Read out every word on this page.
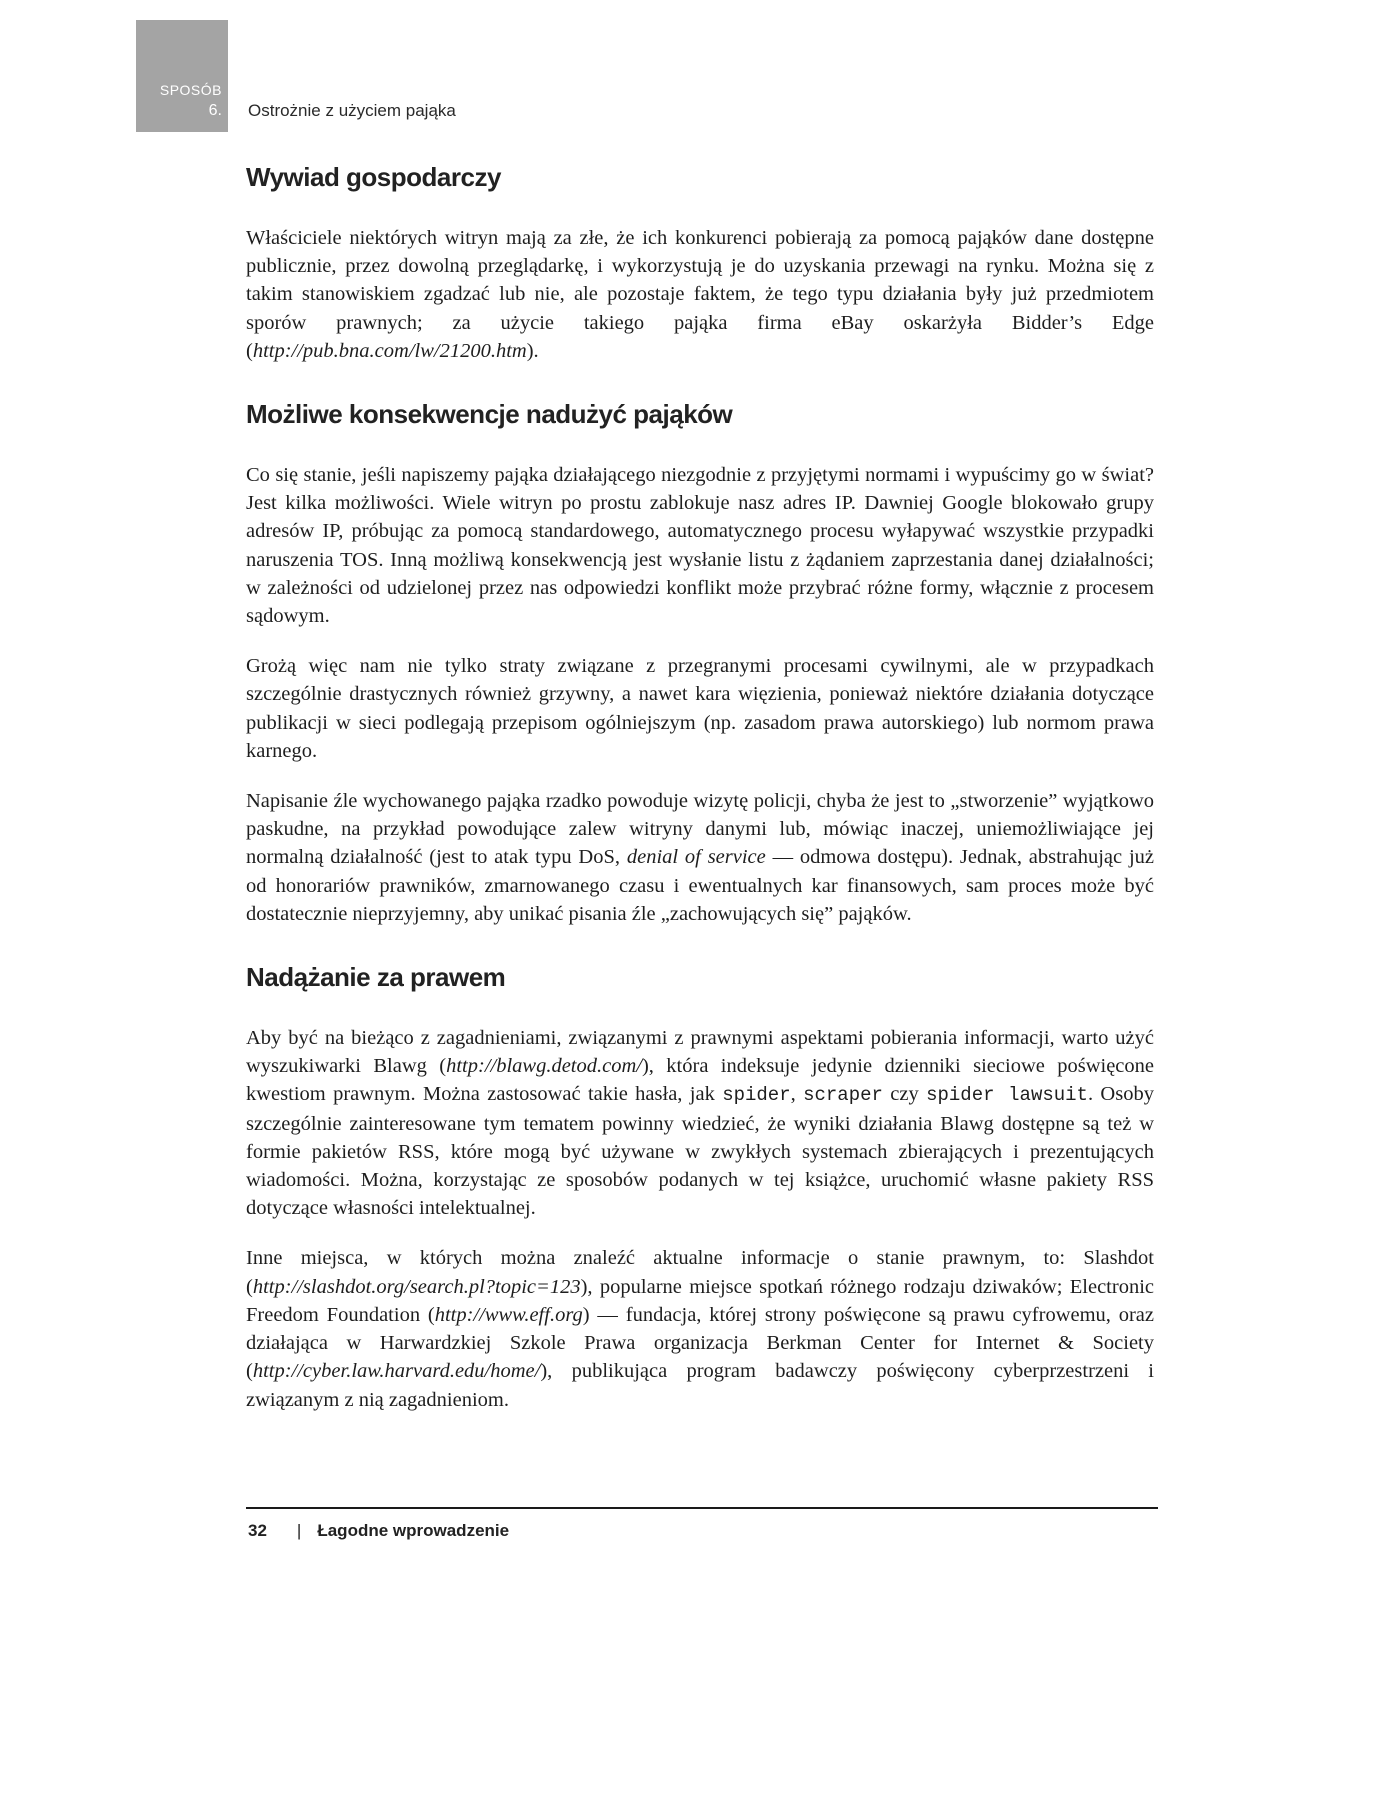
SPOSÓB
6. Ostrożnie z użyciem pająka
Wywiad gospodarczy

Właściciele niektórych witryn mają za złe, że ich konkurenci pobierają za pomocą pająków dane dostępne publicznie, przez dowolną przeglądarkę, i wykorzystują je do uzyskania przewagi na rynku. Można się z takim stanowiskiem zgadzać lub nie, ale pozostaje faktem, że tego typu działania były już przedmiotem sporów prawnych; za użycie takiego pająka firma eBay oskarżyła Bidder’s Edge (http://pub.bna.com/lw/21200.htm).

Możliwe konsekwencje nadużyć pająków

Co się stanie, jeśli napiszemy pająka działającego niezgodnie z przyjętymi normami i wypuścimy go w świat? Jest kilka możliwości. Wiele witryn po prostu zablokuje nasz adres IP. Dawniej Google blokowało grupy adresów IP, próbując za pomocą standardowego, automatycznego procesu wyłapywać wszystkie przypadki naruszenia TOS. Inną możliwą konsekwencją jest wysłanie listu z żądaniem zaprzestania danej działalności; w zależności od udzielonej przez nas odpowiedzi konflikt może przybrać różne formy, włącznie z procesem sądowym.

Grożą więc nam nie tylko straty związane z przegranymi procesami cywilnymi, ale w przypadkach szczególnie drastycznych również grzywny, a nawet kara więzienia, ponieważ niektóre działania dotyczące publikacji w sieci podlegają przepisom ogólniejszym (np. zasadom prawa autorskiego) lub normom prawa karnego.

Napisanie źle wychowanego pająka rzadko powoduje wizytę policji, chyba że jest to „stworzenie” wyjątkowo paskudne, na przykład powodujące zalew witryny danymi lub, mówiąc inaczej, uniemożliwiające jej normalną działalność (jest to atak typu DoS, denial of service — odmowa dostępu). Jednak, abstrahując już od honorariów prawników, zmarnowanego czasu i ewentualnych kar finansowych, sam proces może być dostatecznie nieprzyjemny, aby unikać pisania źle „zachowujących się” pająków.

Nadążanie za prawem

Aby być na bieżąco z zagadnieniami, związanymi z prawnymi aspektami pobierania informacji, warto użyć wyszukiwarki Blawg (http://blawg.detod.com/), która indeksuje jedynie dzienniki sieciowe poświęcone kwestiom prawnym. Można zastosować takie hasła, jak spider, scraper czy spider lawsuit. Osoby szczególnie zainteresowane tym tematem powinny wiedzieć, że wyniki działania Blawg dostępne są też w formie pakietów RSS, które mogą być używane w zwykłych systemach zbierających i prezentujących wiadomości. Można, korzystając ze sposobów podanych w tej książce, uruchomić własne pakiety RSS dotyczące własności intelektualnej.

Inne miejsca, w których można znaleźć aktualne informacje o stanie prawnym, to: Slashdot (http://slashdot.org/search.pl?topic=123), popularne miejsce spotkań różnego rodzaju dziwaków; Electronic Freedom Foundation (http://www.eff.org) — fundacja, której strony poświęcone są prawu cyfrowemu, oraz działająca w Harwardzkiej Szkole Prawa organizacja Berkman Center for Internet & Society (http://cyber.law.harvard.edu/home/), publikująca program badawczy poświęcony cyberprzestrzeni i związanym z nią zagadnieniom.

32 | Łagodne wprowadzenie
